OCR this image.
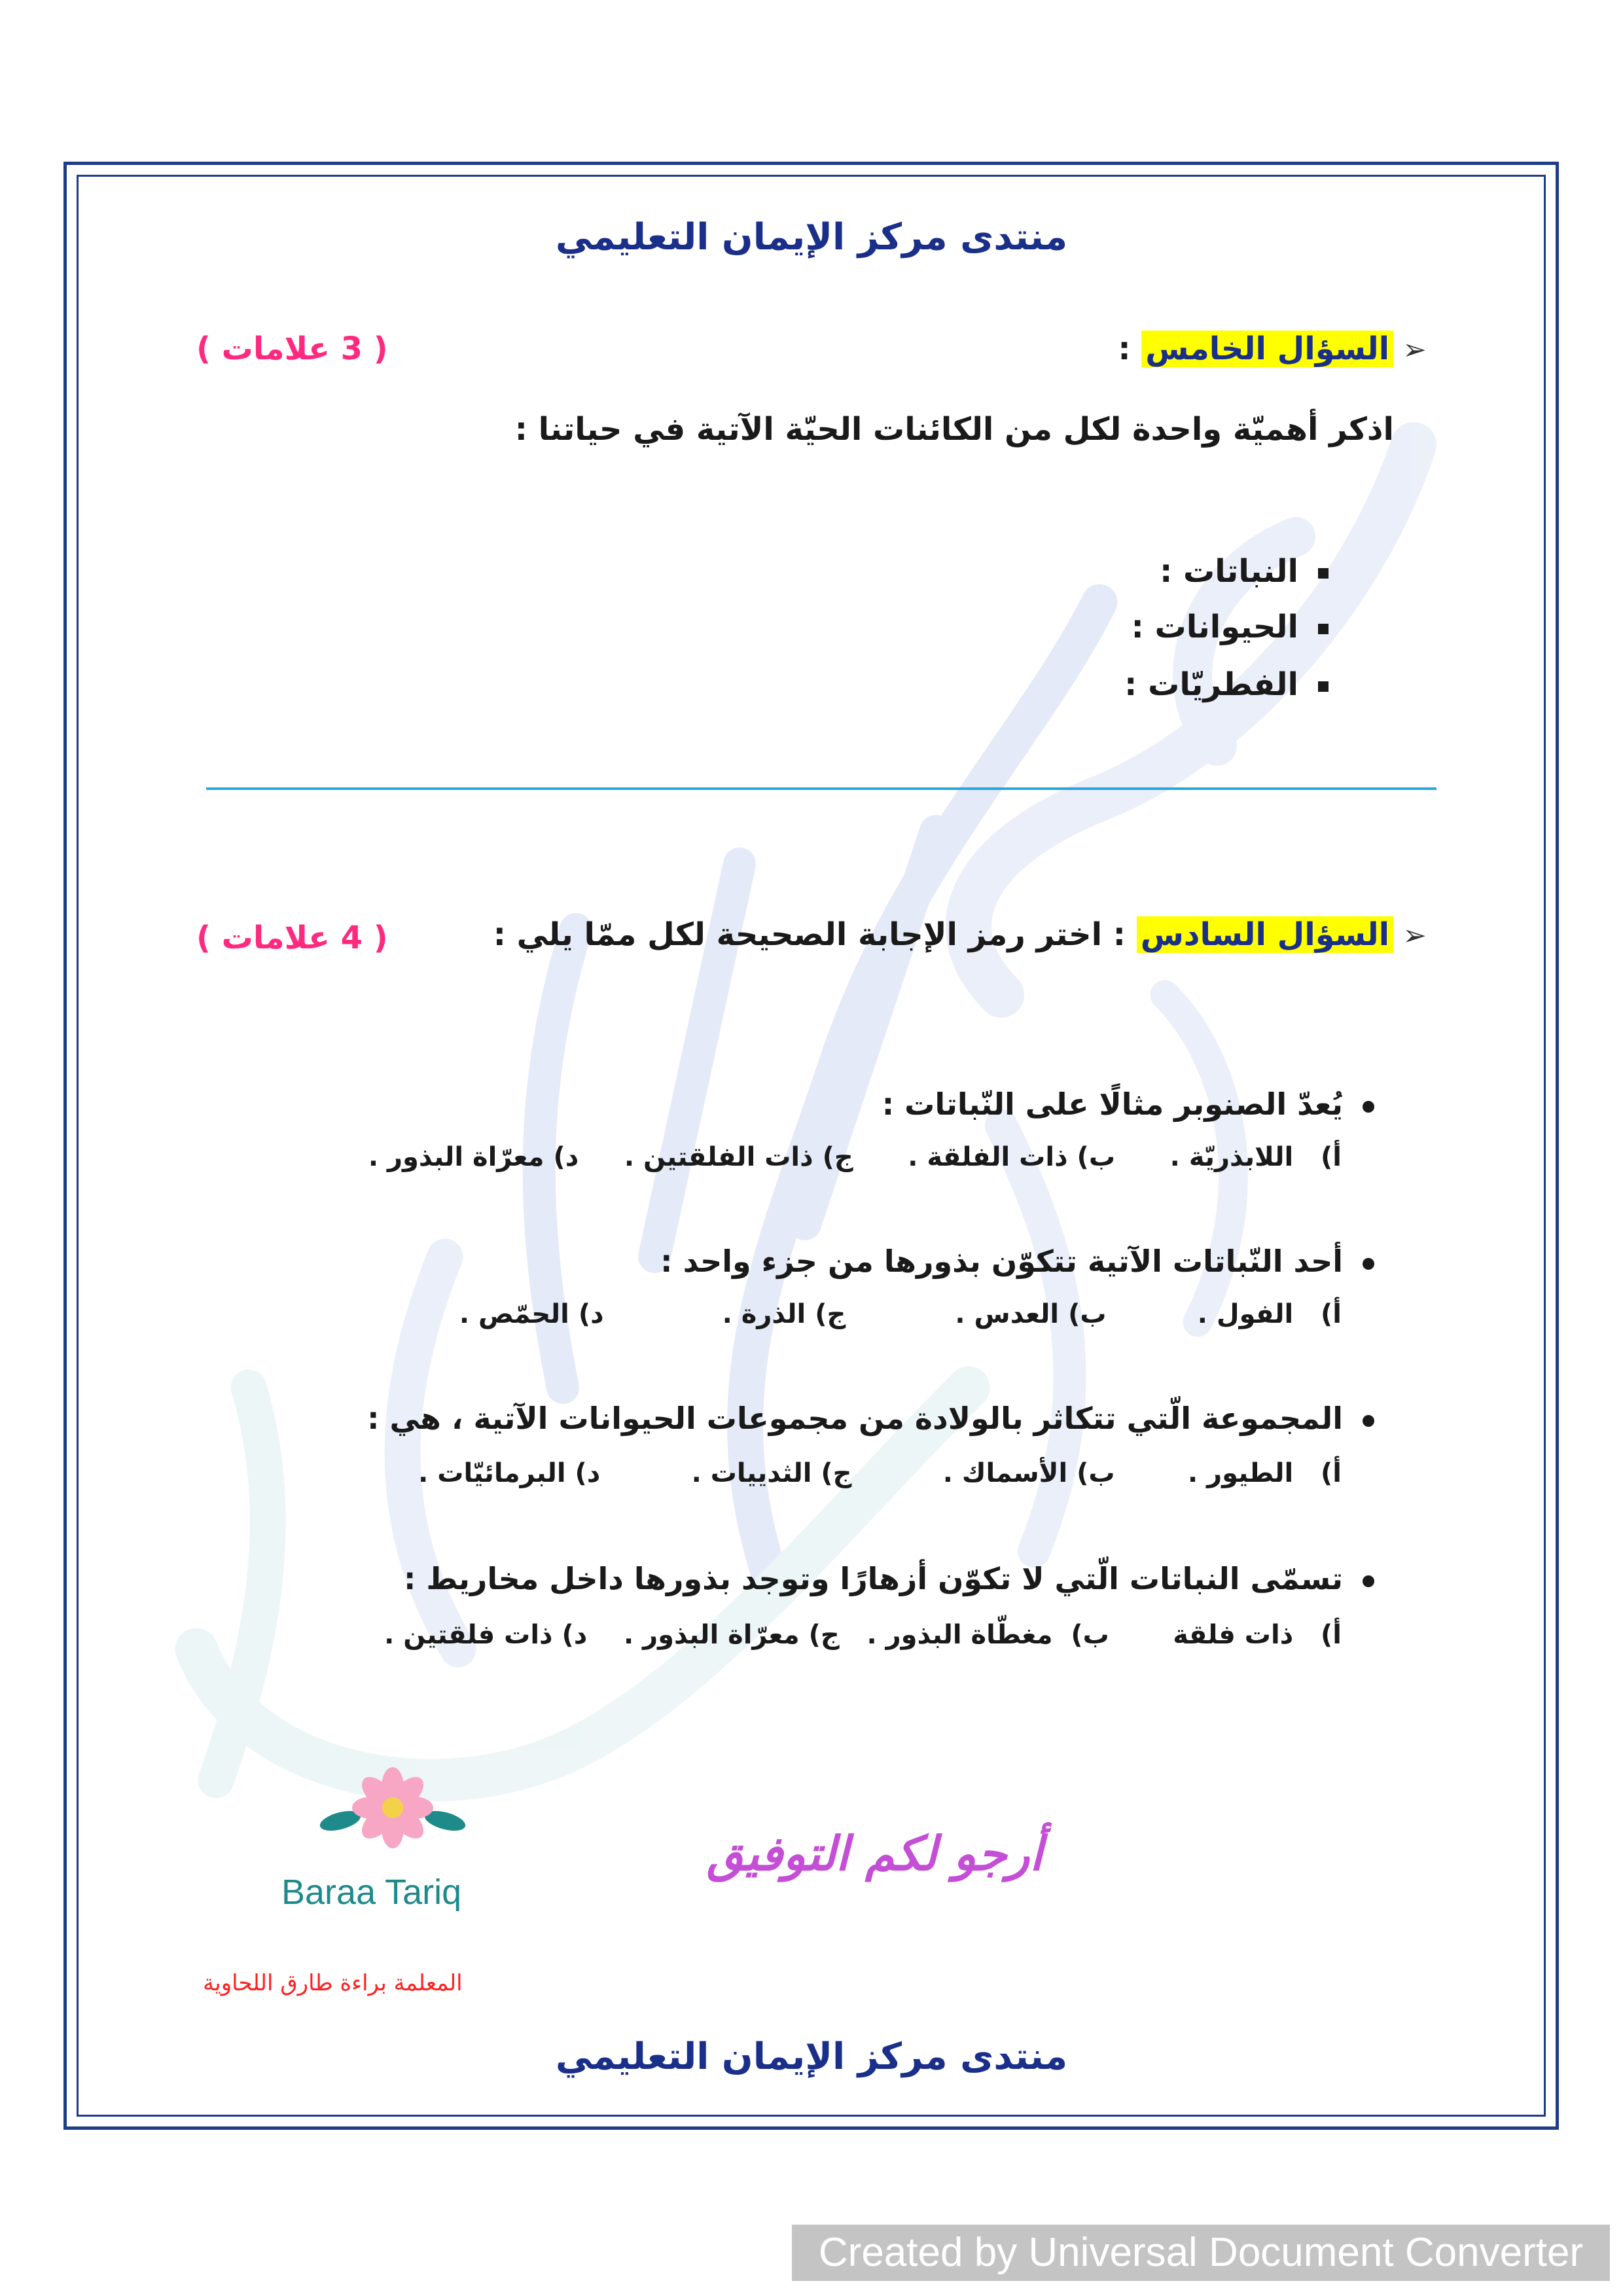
منتدى مركز الإيمان التعليمي
➢السؤال الخامس :
( 3 علامات )
اذكر أهميّة واحدة لكل من الكائنات الحيّة الآتية في حياتنا :
النباتات :
الحيوانات :
الفطريّات :
➢السؤال السادس : اختر رمز الإجابة الصحيحة لكل ممّا يلي :
( 4 علامات )
يُعدّ الصنوبر مثالًا على النّباتات :
أ)   اللابذريّة .      ب) ذات الفلقة .      ج) ذات الفلقتين .     د) معرّاة البذور .
أحد النّباتات الآتية تتكوّن بذورها من جزء واحد :
أ)   الفول .          ب) العدس .            ج) الذرة .             د) الحمّص .
المجموعة الّتي تتكاثر بالولادة من مجموعات الحيوانات الآتية ، هي :
أ)   الطيور .        ب) الأسماك .          ج) الثدييات .          د) البرمائيّات .
تسمّى النباتات الّتي لا تكوّن أزهارًا وتوجد بذورها داخل مخاريط :
أ)   ذات فلقة       ب)  مغطّاة البذور .   ج) معرّاة البذور .    د) ذات فلقتين .
Baraa Tariq
أرجو لكم التوفيق
المعلمة براءة طارق اللحاوية
منتدى مركز الإيمان التعليمي
Created by Universal Document Converter
